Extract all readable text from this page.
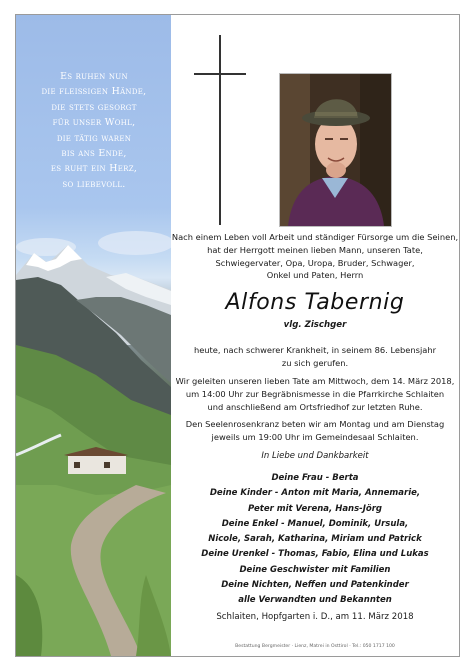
Es ruhen nun
die fleißigen Hände,
die stets gesorgt
für unser Wohl,
die tätig waren
bis ans Ende,
es ruht ein Herz,
so liebevoll.
Nach einem Leben voll Arbeit und ständiger Fürsorge um die Seinen,
hat der Herrgott meinen lieben Mann, unseren Tate,
Schwiegervater, Opa, Uropa, Bruder, Schwager,
Onkel und Paten, Herrn
Alfons Tabernig
vlg. Zischger
heute, nach schwerer Krankheit, in seinem 86. Lebensjahr
zu sich gerufen.
Wir geleiten unseren lieben Tate am Mittwoch, dem 14. März 2018,
um 14:00 Uhr zur Begräbnismesse in die Pfarrkirche Schlaiten
und anschließend am Ortsfriedhof zur letzten Ruhe.
Den Seelenrosenkranz beten wir am Montag und am Dienstag
jeweils um 19:00 Uhr im Gemeindesaal Schlaiten.
In Liebe und Dankbarkeit
Deine Frau - Berta
Deine Kinder - Anton mit Maria, Annemarie,
Peter mit Verena, Hans-Jörg
Deine Enkel - Manuel, Dominik, Ursula,
Nicole, Sarah, Katharina, Miriam und Patrick
Deine Urenkel - Thomas, Fabio, Elina und Lukas
Deine Geschwister mit Familien
Deine Nichten, Neffen und Patenkinder
alle Verwandten und Bekannten
Schlaiten, Hopfgarten i. D., am 11. März 2018
Bestattung Bergmeister · Lienz, Matrei in Osttirol · Tel.: 050 1717 100
